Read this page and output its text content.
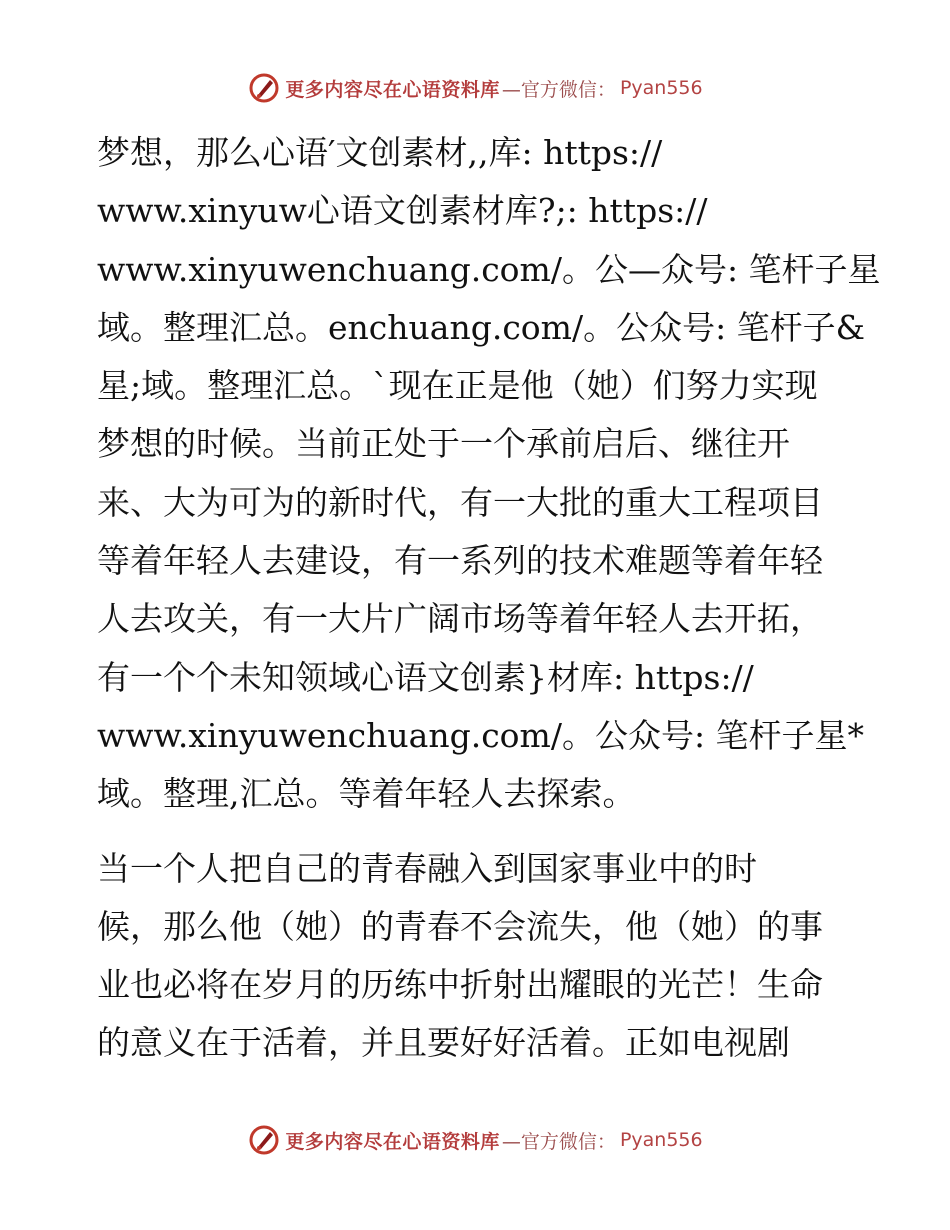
更多内容尽在心语资料库 —官方微信： Pyan556
梦想，那么心语′文创素材,,库: https://
www.xinyuw心语文创素材库?;: https://
www.xinyuwenchuang.com/。公—众号: 笔杆子星
域。整理汇总。enchuang.com/。公众号: 笔杆子&
星;域。整理汇总。`现在正是他（她）们努力实现
梦想的时候。当前正处于一个承前启后、继往开
来、大为可为的新时代，有一大批的重大工程项目
等着年轻人去建设，有一系列的技术难题等着年轻
人去攻关，有一大片广阔市场等着年轻人去开拓，
有一个个未知领域心语文创素}材库: https://
www.xinyuwenchuang.com/。公众号: 笔杆子星*
域。整理,汇总。等着年轻人去探索。
当一个人把自己的青春融入到国家事业中的时
候，那么他（她）的青春不会流失，他（她）的事
业也必将在岁月的历练中折射出耀眼的光芒！生命
的意义在于活着，并且要好好活着。正如电视剧
更多内容尽在心语资料库 —官方微信： Pyan556
